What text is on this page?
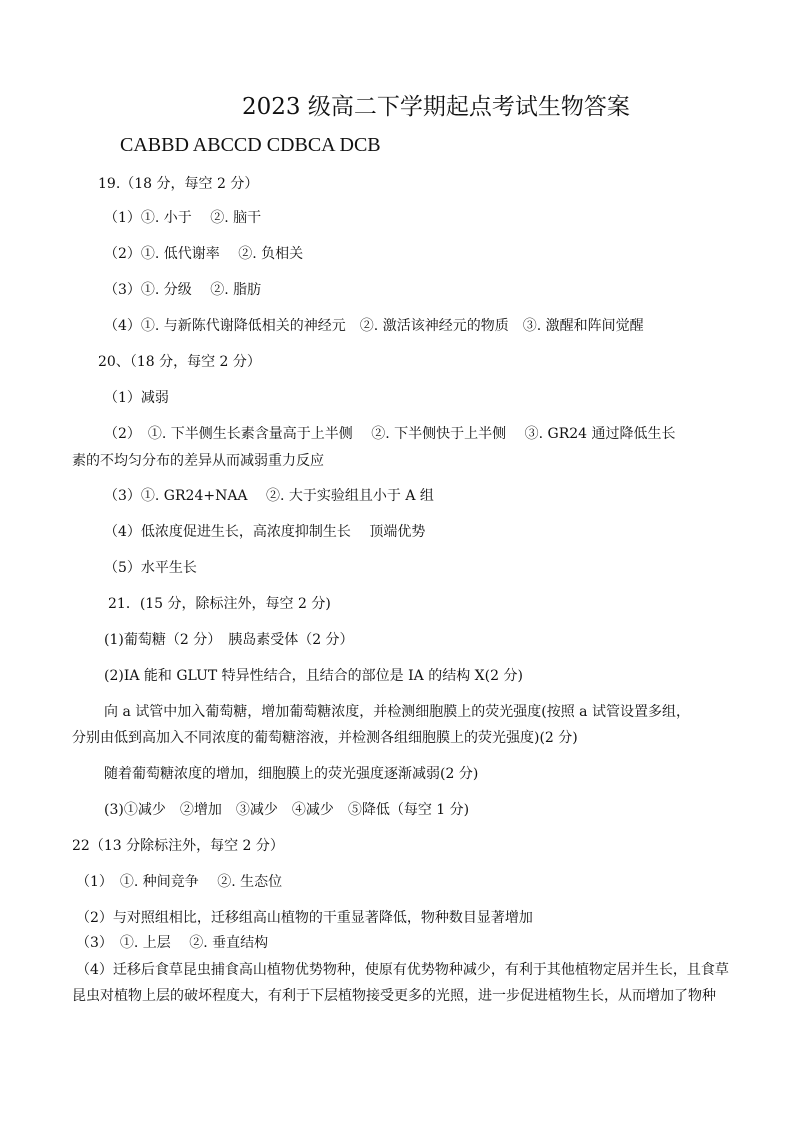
2023 级高二下学期起点考试生物答案
CABBD ABCCD CDBCA DCB
19.（18 分，每空 2 分）
（1）①. 小于　 ②. 脑干
（2）①. 低代谢率　 ②. 负相关
（3）①. 分级　 ②. 脂肪
（4）①. 与新陈代谢降低相关的神经元　②. 激活该神经元的物质　③. 激醒和阵间觉醒
20、（18 分，每空 2 分）
（1）减弱
（2）　①. 下半侧生长素含量高于上半侧　 ②. 下半侧快于上半侧　 ③. GR24 通过降低生长
素的不均匀分布的差异从而减弱重力反应
（3）①. GR24+NAA　 ②. 大于实验组且小于 A 组
（4）低浓度促进生长，高浓度抑制生长　 顶端优势
（5）水平生长
21．(15 分，除标注外，每空 2 分)
(1)葡萄糖（2 分）　胰岛素受体（2 分）
(2)IA 能和 GLUT 特异性结合，且结合的部位是 IA 的结构 X(2 分)
向 a 试管中加入葡萄糖，增加葡萄糖浓度，并检测细胞膜上的荧光强度(按照 a 试管设置多组，
分别由低到高加入不同浓度的葡萄糖溶液，并检测各组细胞膜上的荧光强度)(2 分)
随着葡萄糖浓度的增加，细胞膜上的荧光强度逐渐减弱(2 分)
(3)①减少　②增加　③减少　④减少　⑤降低（每空 1 分)
22（13 分除标注外，每空 2 分）
（1）　①. 种间竞争　 ②. 生态位
（2）与对照组相比，迁移组高山植物的干重显著降低，物种数目显著增加
（3）　①. 上层　 ②. 垂直结构
（4）迁移后食草昆虫捕食高山植物优势物种，使原有优势物种减少，有利于其他植物定居并生长，且食草
昆虫对植物上层的破坏程度大，有利于下层植物接受更多的光照，进一步促进植物生长，从而增加了物种
